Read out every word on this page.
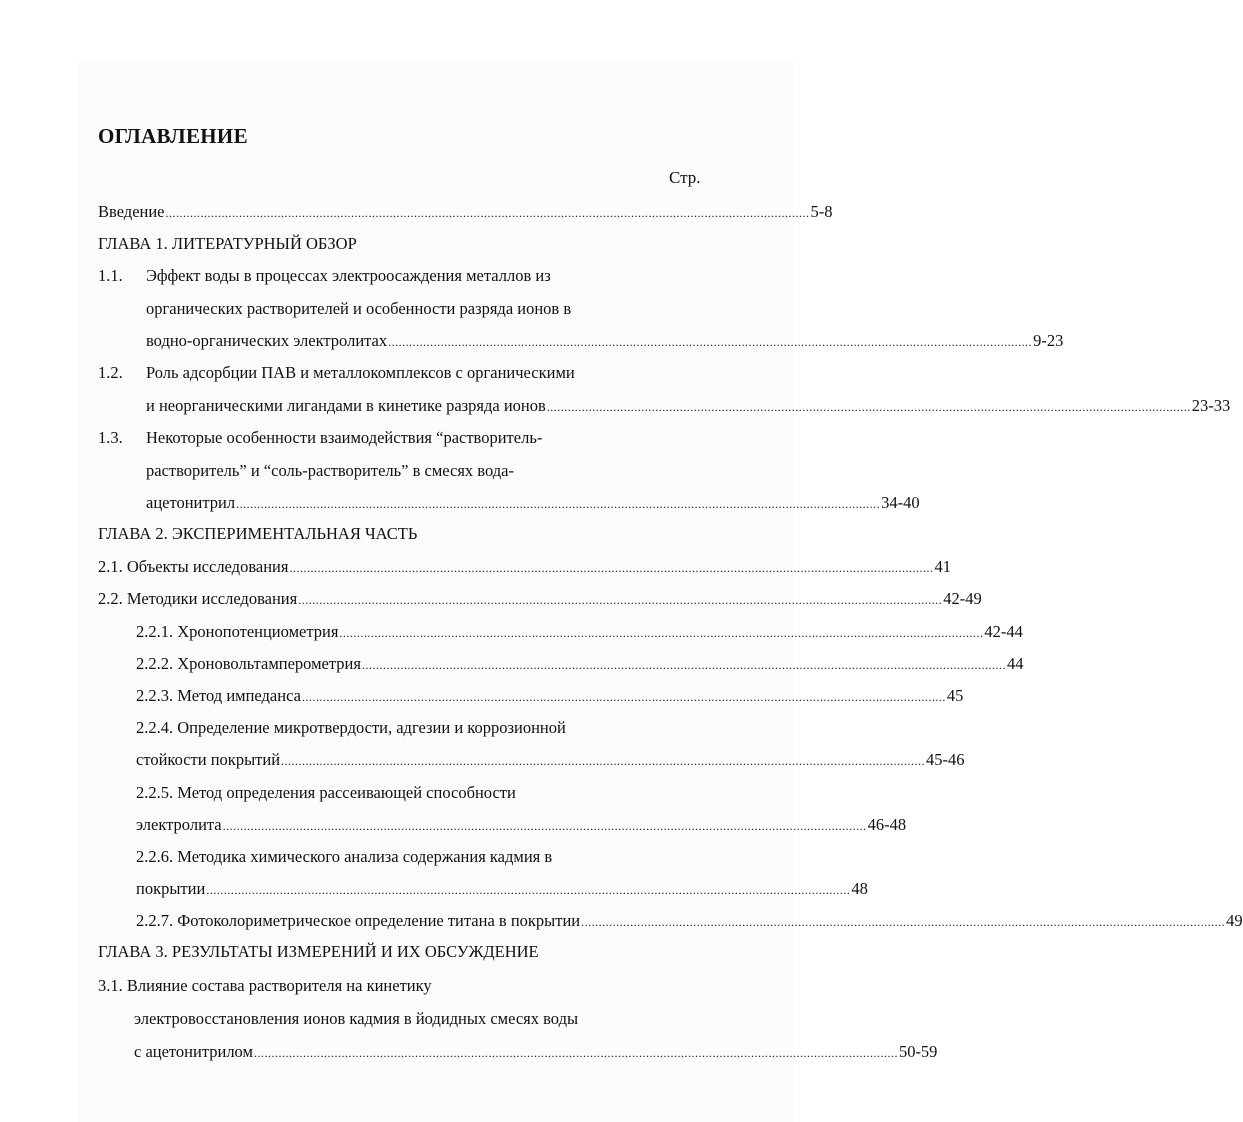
ОГЛАВЛЕНИЕ
Стр.
Введение ........................................................................................................................................................................................ 5-8
ГЛАВА 1. ЛИТЕРАТУРНЫЙ ОБЗОР
1.1. Эффект воды в процессах электроосаждения металлов из
органических растворителей и особенности разряда ионов в
водно-органических электролитах ........................................................................................................................................................................................ 9-23
1.2. Роль адсорбции ПАВ и металлокомплексов с органическими
и неорганическими лигандами в кинетике разряда ионов ........................................................................................................................................................................................ 23-33
1.3. Некоторые особенности взаимодействия “растворитель-
растворитель” и “соль-растворитель” в смесях вода-
ацетонитрил ........................................................................................................................................................................................ 34-40
ГЛАВА 2. ЭКСПЕРИМЕНТАЛЬНАЯ ЧАСТЬ
2.1. Объекты исследования ........................................................................................................................................................................................ 41
2.2. Методики исследования ........................................................................................................................................................................................ 42-49
2.2.1. Хронопотенциометрия ........................................................................................................................................................................................ 42-44
2.2.2. Хроновольтамперометрия ........................................................................................................................................................................................ 44
2.2.3. Метод импеданса ........................................................................................................................................................................................ 45
2.2.4. Определение микротвердости, адгезии и коррозионной
стойкости покрытий ........................................................................................................................................................................................ 45-46
2.2.5. Метод определения рассеивающей способности
электролита ........................................................................................................................................................................................ 46-48
2.2.6. Методика химического анализа содержания кадмия в
покрытии ........................................................................................................................................................................................ 48
2.2.7. Фотоколориметрическое определение титана в покрытии ........................................................................................................................................................................................ 49
ГЛАВА 3. РЕЗУЛЬТАТЫ ИЗМЕРЕНИЙ И ИХ ОБСУЖДЕНИЕ
3.1. Влияние состава растворителя на кинетику
электровосстановления ионов кадмия в йодидных смесях воды
с ацетонитрилом ........................................................................................................................................................................................ 50-59
